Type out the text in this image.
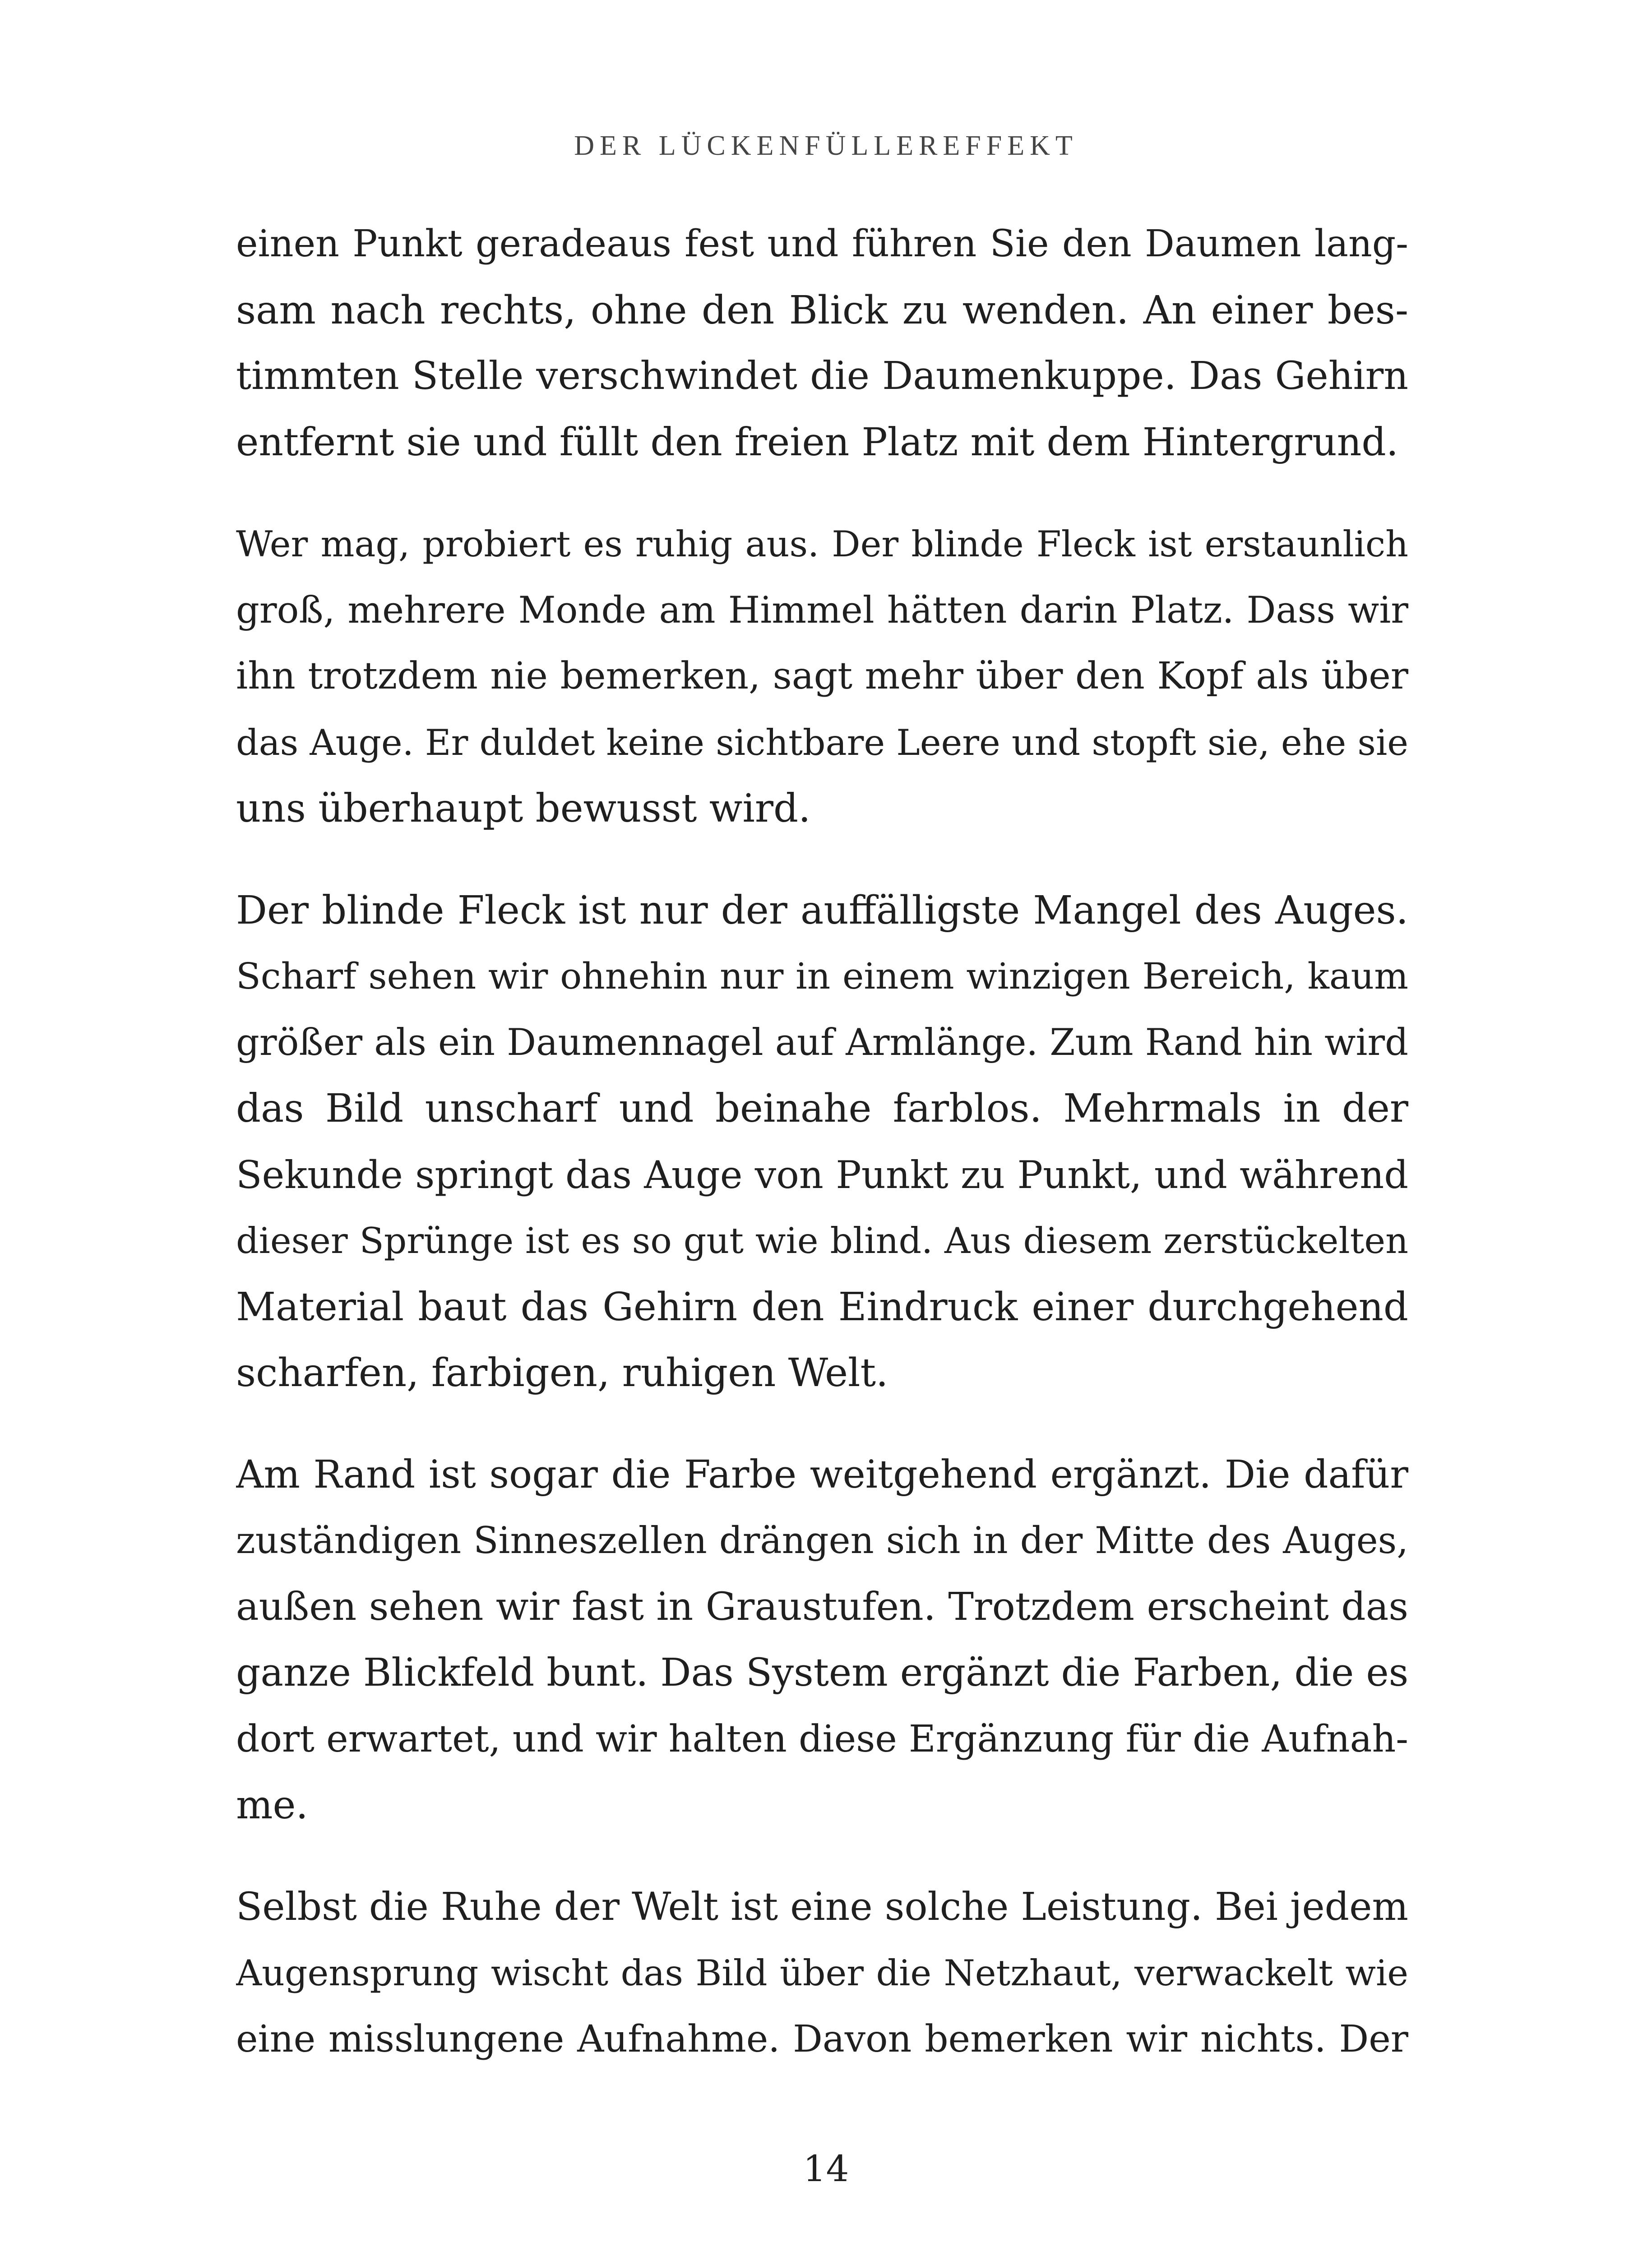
DER LÜCKENFÜLLEREFFEKT

einen Punkt geradeaus fest und führen Sie den Daumen lang-
sam nach rechts, ohne den Blick zu wenden. An einer bes-
timmten Stelle verschwindet die Daumenkuppe. Das Gehirn
entfernt sie und füllt den freien Platz mit dem Hintergrund.

Wer mag, probiert es ruhig aus. Der blinde Fleck ist erstaunlich
groß, mehrere Monde am Himmel hätten darin Platz. Dass wir
ihn trotzdem nie bemerken, sagt mehr über den Kopf als über
das Auge. Er duldet keine sichtbare Leere und stopft sie, ehe sie
uns überhaupt bewusst wird.

Der blinde Fleck ist nur der auffälligste Mangel des Auges.
Scharf sehen wir ohnehin nur in einem winzigen Bereich, kaum
größer als ein Daumennagel auf Armlänge. Zum Rand hin wird
das Bild unscharf und beinahe farblos. Mehrmals in der
Sekunde springt das Auge von Punkt zu Punkt, und während
dieser Sprünge ist es so gut wie blind. Aus diesem zerstückelten
Material baut das Gehirn den Eindruck einer durchgehend
scharfen, farbigen, ruhigen Welt.

Am Rand ist sogar die Farbe weitgehend ergänzt. Die dafür
zuständigen Sinneszellen drängen sich in der Mitte des Auges,
außen sehen wir fast in Graustufen. Trotzdem erscheint das
ganze Blickfeld bunt. Das System ergänzt die Farben, die es
dort erwartet, und wir halten diese Ergänzung für die Aufnah-
me.

Selbst die Ruhe der Welt ist eine solche Leistung. Bei jedem
Augensprung wischt das Bild über die Netzhaut, verwackelt wie
eine misslungene Aufnahme. Davon bemerken wir nichts. Der

14
